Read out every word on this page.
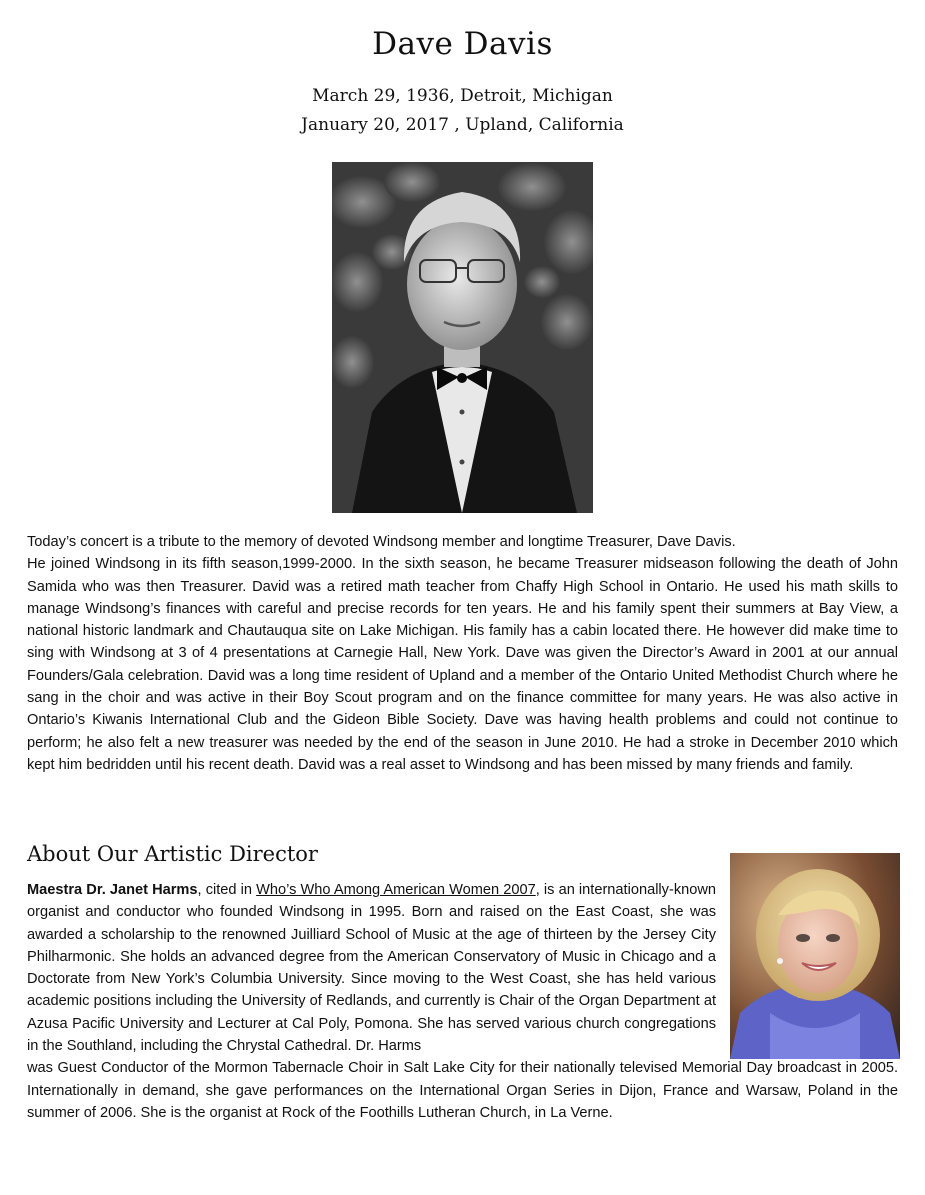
Dave Davis
March 29, 1936, Detroit, Michigan
January 20, 2017 , Upland, California

Today’s concert is a tribute to the memory of devoted Windsong member and longtime Treasurer, Dave Davis.

He joined Windsong in its fifth season,1999-2000. In the sixth season, he became Treasurer midseason following the death of John Samida who was then Treasurer. David was a retired math teacher from Chaffy High School in Ontario. He used his math skills to manage Windsong’s finances with careful and precise records for ten years. He and his family spent their summers at Bay View, a national historic landmark and Chautauqua site on Lake Michigan. His family has a cabin located there. He however did make time to sing with Windsong at 3 of 4 presentations at Carnegie Hall, New York. Dave was given the Director’s Award in 2001 at our annual Founders/Gala celebration. David was a long time resident of Upland and a member of the Ontario United Methodist Church where he sang in the choir and was active in their Boy Scout program and on the finance committee for many years. He was also active in Ontario’s Kiwanis International Club and the Gideon Bible Society. Dave was having health problems and could not continue to perform; he also felt a new treasurer was needed by the end of the season in June 2010. He had a stroke in December 2010 which kept him bedridden until his recent death. David was a real asset to Windsong and has been missed by many friends and family.

About Our Artistic Director
Maestra Dr. Janet Harms, cited in Who’s Who Among American Women 2007, is an internationally-known organist and conductor who founded Windsong in 1995. Born and raised on the East Coast, she was awarded a scholarship to the renowned Juilliard School of Music at the age of thirteen by the Jersey City Philharmonic. She holds an advanced degree from the American Conservatory of Music in Chicago and a Doctorate from New York’s Columbia University. Since moving to the West Coast, she has held various academic positions including the University of Redlands, and currently is Chair of the Organ Department at Azusa Pacific University and Lecturer at Cal Poly, Pomona. She has served various church congregations in the Southland, including the Chrystal Cathedral. Dr. Harms
was Guest Conductor of the Mormon Tabernacle Choir in Salt Lake City for their nationally televised Memorial Day broadcast in 2005. Internationally in demand, she gave performances on the International Organ Series in Dijon, France and Warsaw, Poland in the summer of 2006. She is the organist at Rock of the Foothills Lutheran Church, in La Verne.
